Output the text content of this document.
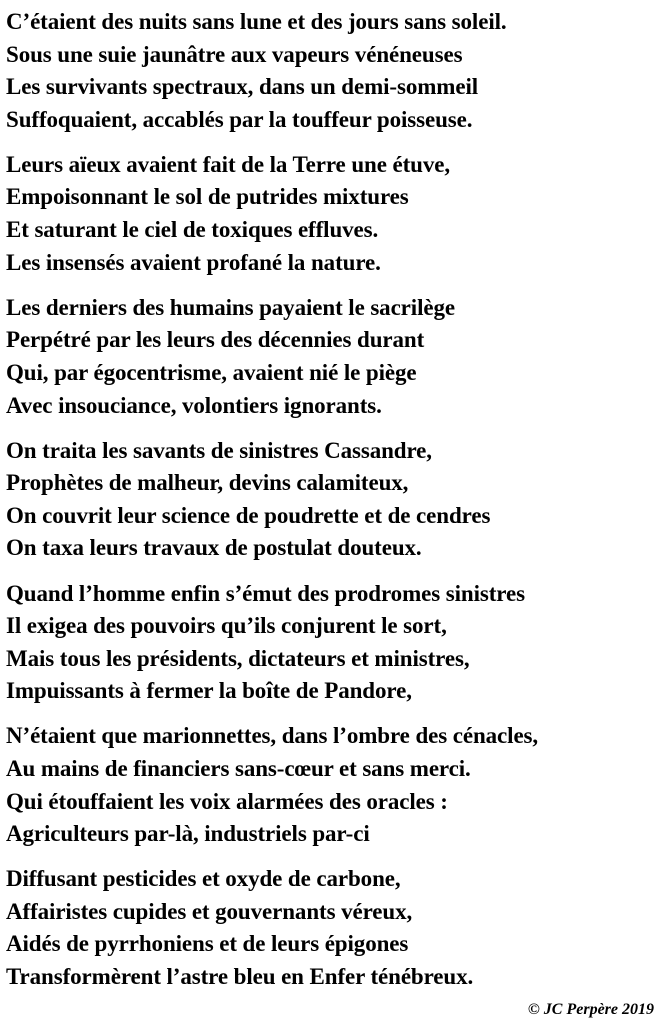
C’étaient des nuits sans lune et des jours sans soleil.
Sous une suie jaunâtre aux vapeurs vénéneuses
Les survivants spectraux, dans un demi-sommeil
Suffoquaient, accablés par la touffeur poisseuse.
Leurs aïeux avaient fait de la Terre une étuve,
Empoisonnant le sol de putrides mixtures
Et saturant le ciel de toxiques effluves.
Les insensés avaient profané la nature.
Les derniers des humains payaient le sacrilège
Perpétré par les leurs des décennies durant
Qui, par égocentrisme, avaient nié le piège
Avec insouciance, volontiers ignorants.
On traita les savants de sinistres Cassandre,
Prophètes de malheur, devins calamiteux,
On couvrit leur science de poudrette et de cendres
On taxa leurs travaux de postulat douteux.
Quand l’homme enfin s’émut des prodromes sinistres
Il exigea des pouvoirs qu’ils conjurent le sort,
Mais tous les présidents, dictateurs et ministres,
Impuissants à fermer la boîte de Pandore,
N’étaient que marionnettes, dans l’ombre des cénacles,
Au mains de financiers sans-cœur et sans merci.
Qui étouffaient les voix alarmées des oracles :
Agriculteurs par-là, industriels par-ci
Diffusant pesticides et oxyde de carbone,
Affairistes cupides et gouvernants véreux,
Aidés de pyrrhoniens et de leurs épigones
Transformèrent l’astre bleu en Enfer ténébreux.
© JC Perpère 2019
